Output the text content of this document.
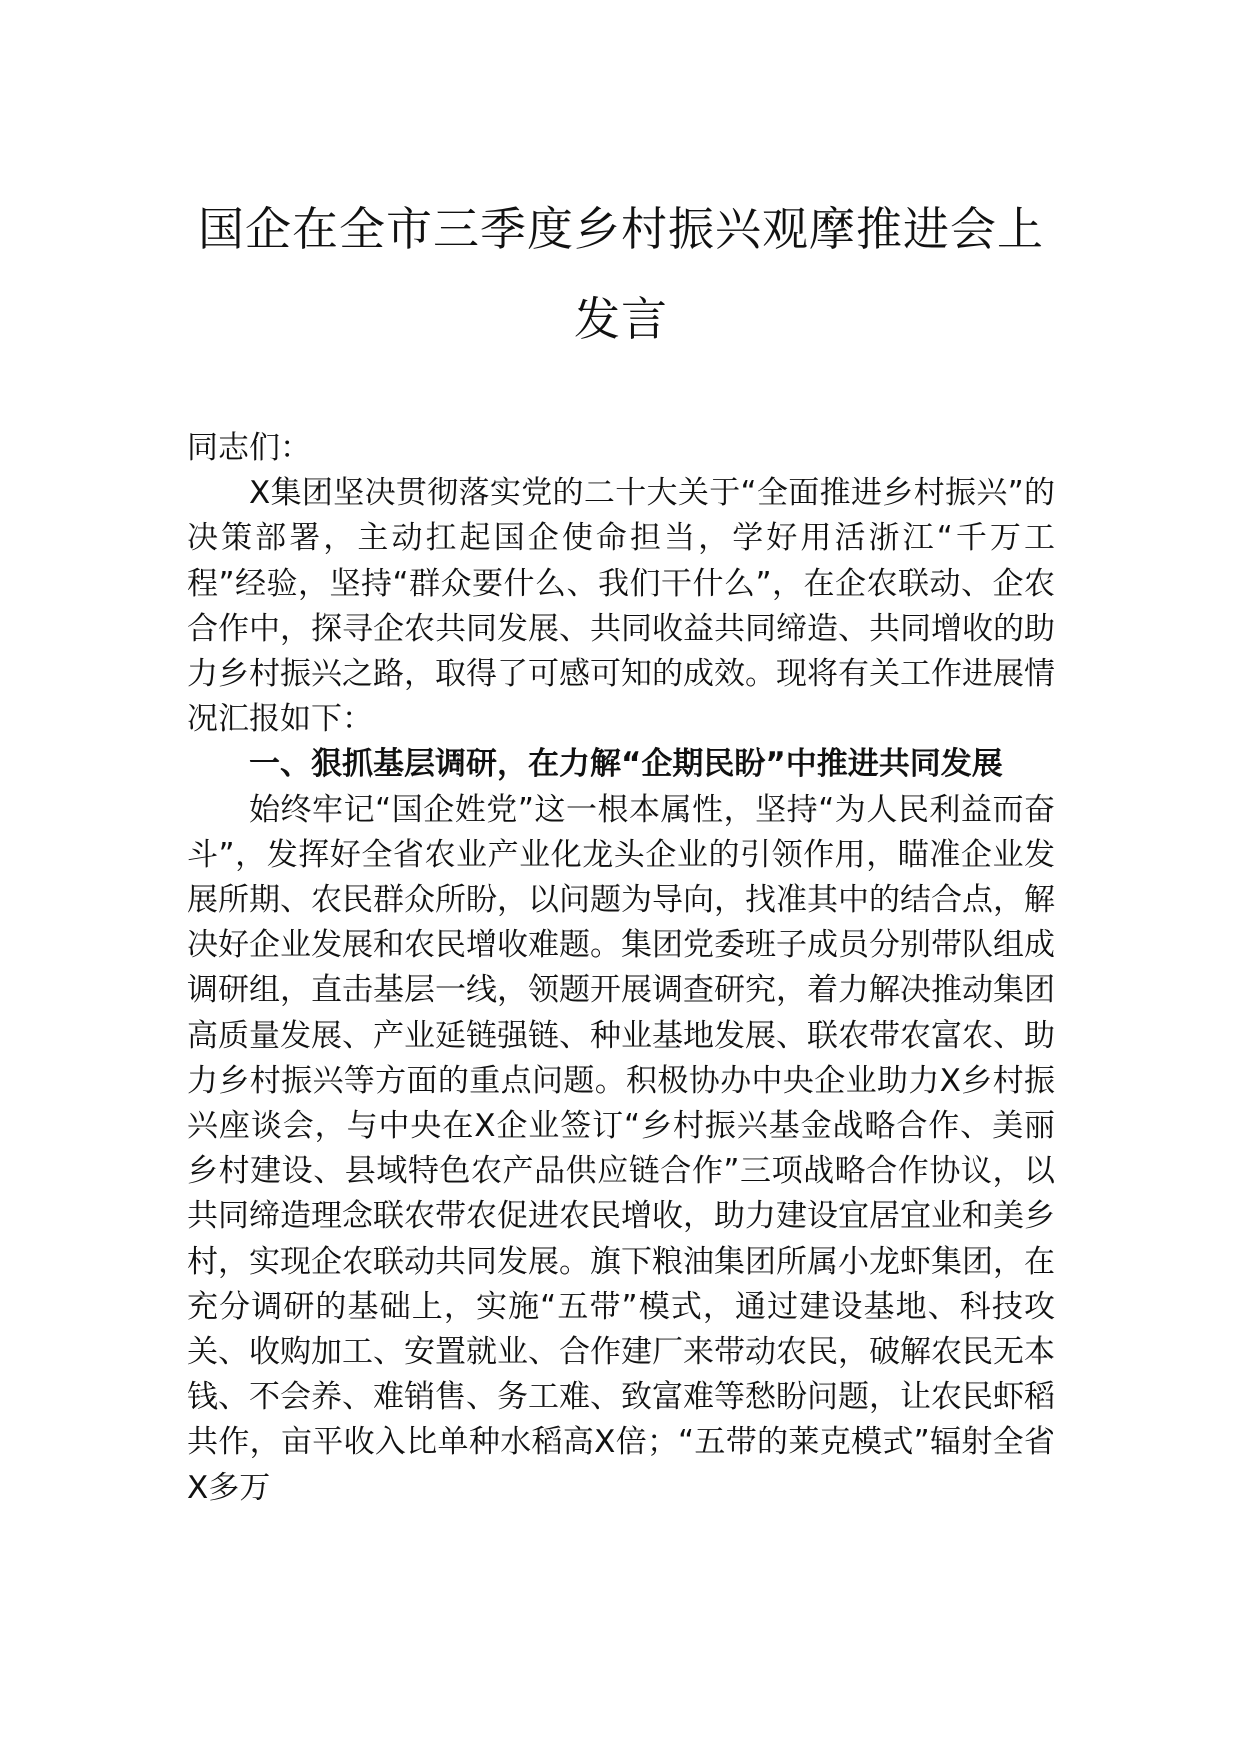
国企在全市三季度乡村振兴观摩推进会上发言

同志们：

X集团坚决贯彻落实党的二十大关于“全面推进乡村振兴”的决策部署，主动扛起国企使命担当，学好用活浙江“千万工程”经验，坚持“群众要什么、我们干什么”，在企农联动、企农合作中，探寻企农共同发展、共同收益共同缔造、共同增收的助力乡村振兴之路，取得了可感可知的成效。现将有关工作进展情况汇报如下：

一、狠抓基层调研，在力解“企期民盼”中推进共同发展

始终牢记“国企姓党”这一根本属性，坚持“为人民利益而奋斗”，发挥好全省农业产业化龙头企业的引领作用，瞄准企业发展所期、农民群众所盼，以问题为导向，找准其中的结合点，解决好企业发展和农民增收难题。集团党委班子成员分别带队组成调研组，直击基层一线，领题开展调查研究，着力解决推动集团高质量发展、产业延链强链、种业基地发展、联农带农富农、助力乡村振兴等方面的重点问题。积极协办中央企业助力X乡村振兴座谈会，与中央在X企业签订“乡村振兴基金战略合作、美丽乡村建设、县域特色农产品供应链合作”三项战略合作协议，以共同缔造理念联农带农促进农民增收，助力建设宜居宜业和美乡村，实现企农联动共同发展。旗下粮油集团所属小龙虾集团，在充分调研的基础上，实施“五带”模式，通过建设基地、科技攻关、收购加工、安置就业、合作建厂来带动农民，破解农民无本钱、不会养、难销售、务工难、致富难等愁盼问题，让农民虾稻共作，亩平收入比单种水稻高X倍；“五带的莱克模式”辐射全省X多万
